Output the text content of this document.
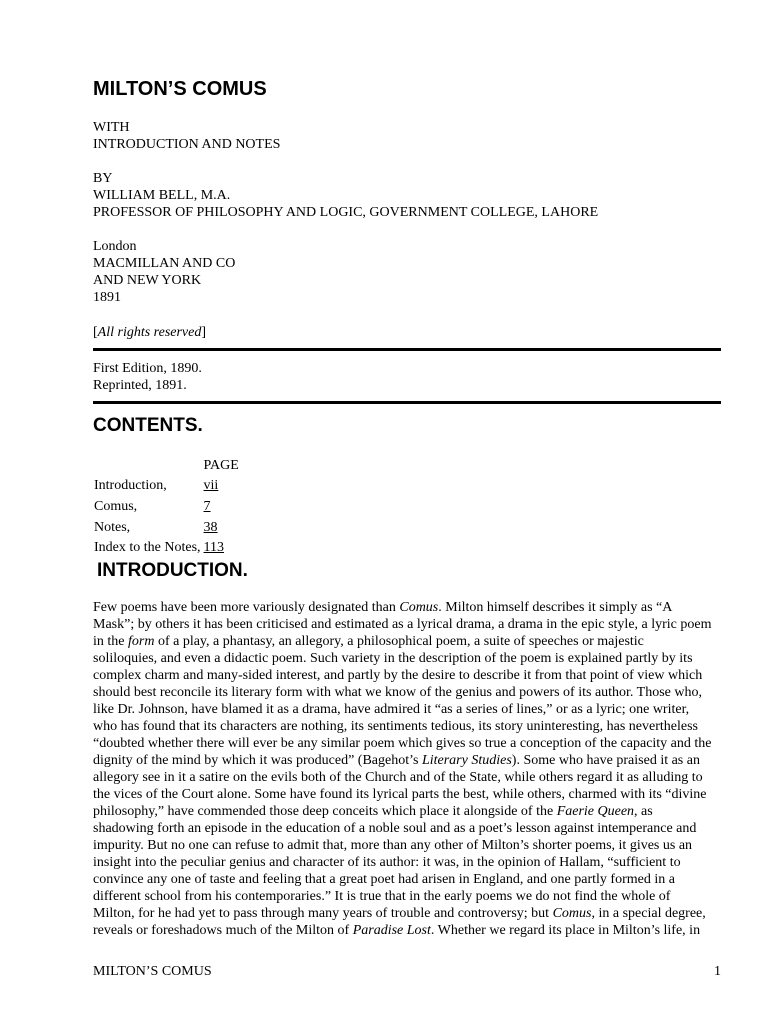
MILTON’S COMUS
WITH
INTRODUCTION AND NOTES
BY
WILLIAM BELL, M.A.
PROFESSOR OF PHILOSOPHY AND LOGIC, GOVERNMENT COLLEGE, LAHORE
London
MACMILLAN AND CO
AND NEW YORK
1891
[All rights reserved]
First Edition, 1890.
Reprinted, 1891.
CONTENTS.
	PAGE
Introduction,	vii
Comus,	7
Notes,	38
Index to the Notes,	113
INTRODUCTION.
Few poems have been more variously designated than Comus. Milton himself describes it simply as “A
Mask”; by others it has been criticised and estimated as a lyrical drama, a drama in the epic style, a lyric poem
in the form of a play, a phantasy, an allegory, a philosophical poem, a suite of speeches or majestic
soliloquies, and even a didactic poem. Such variety in the description of the poem is explained partly by its
complex charm and many-sided interest, and partly by the desire to describe it from that point of view which
should best reconcile its literary form with what we know of the genius and powers of its author. Those who,
like Dr. Johnson, have blamed it as a drama, have admired it “as a series of lines,” or as a lyric; one writer,
who has found that its characters are nothing, its sentiments tedious, its story uninteresting, has nevertheless
“doubted whether there will ever be any similar poem which gives so true a conception of the capacity and the
dignity of the mind by which it was produced” (Bagehot’s Literary Studies). Some who have praised it as an
allegory see in it a satire on the evils both of the Church and of the State, while others regard it as alluding to
the vices of the Court alone. Some have found its lyrical parts the best, while others, charmed with its “divine
philosophy,” have commended those deep conceits which place it alongside of the Faerie Queen, as
shadowing forth an episode in the education of a noble soul and as a poet’s lesson against intemperance and
impurity. But no one can refuse to admit that, more than any other of Milton’s shorter poems, it gives us an
insight into the peculiar genius and character of its author: it was, in the opinion of Hallam, “sufficient to
convince any one of taste and feeling that a great poet had arisen in England, and one partly formed in a
different school from his contemporaries.” It is true that in the early poems we do not find the whole of
Milton, for he had yet to pass through many years of trouble and controversy; but Comus, in a special degree,
reveals or foreshadows much of the Milton of Paradise Lost. Whether we regard its place in Milton’s life, in
MILTON’S COMUS	1
